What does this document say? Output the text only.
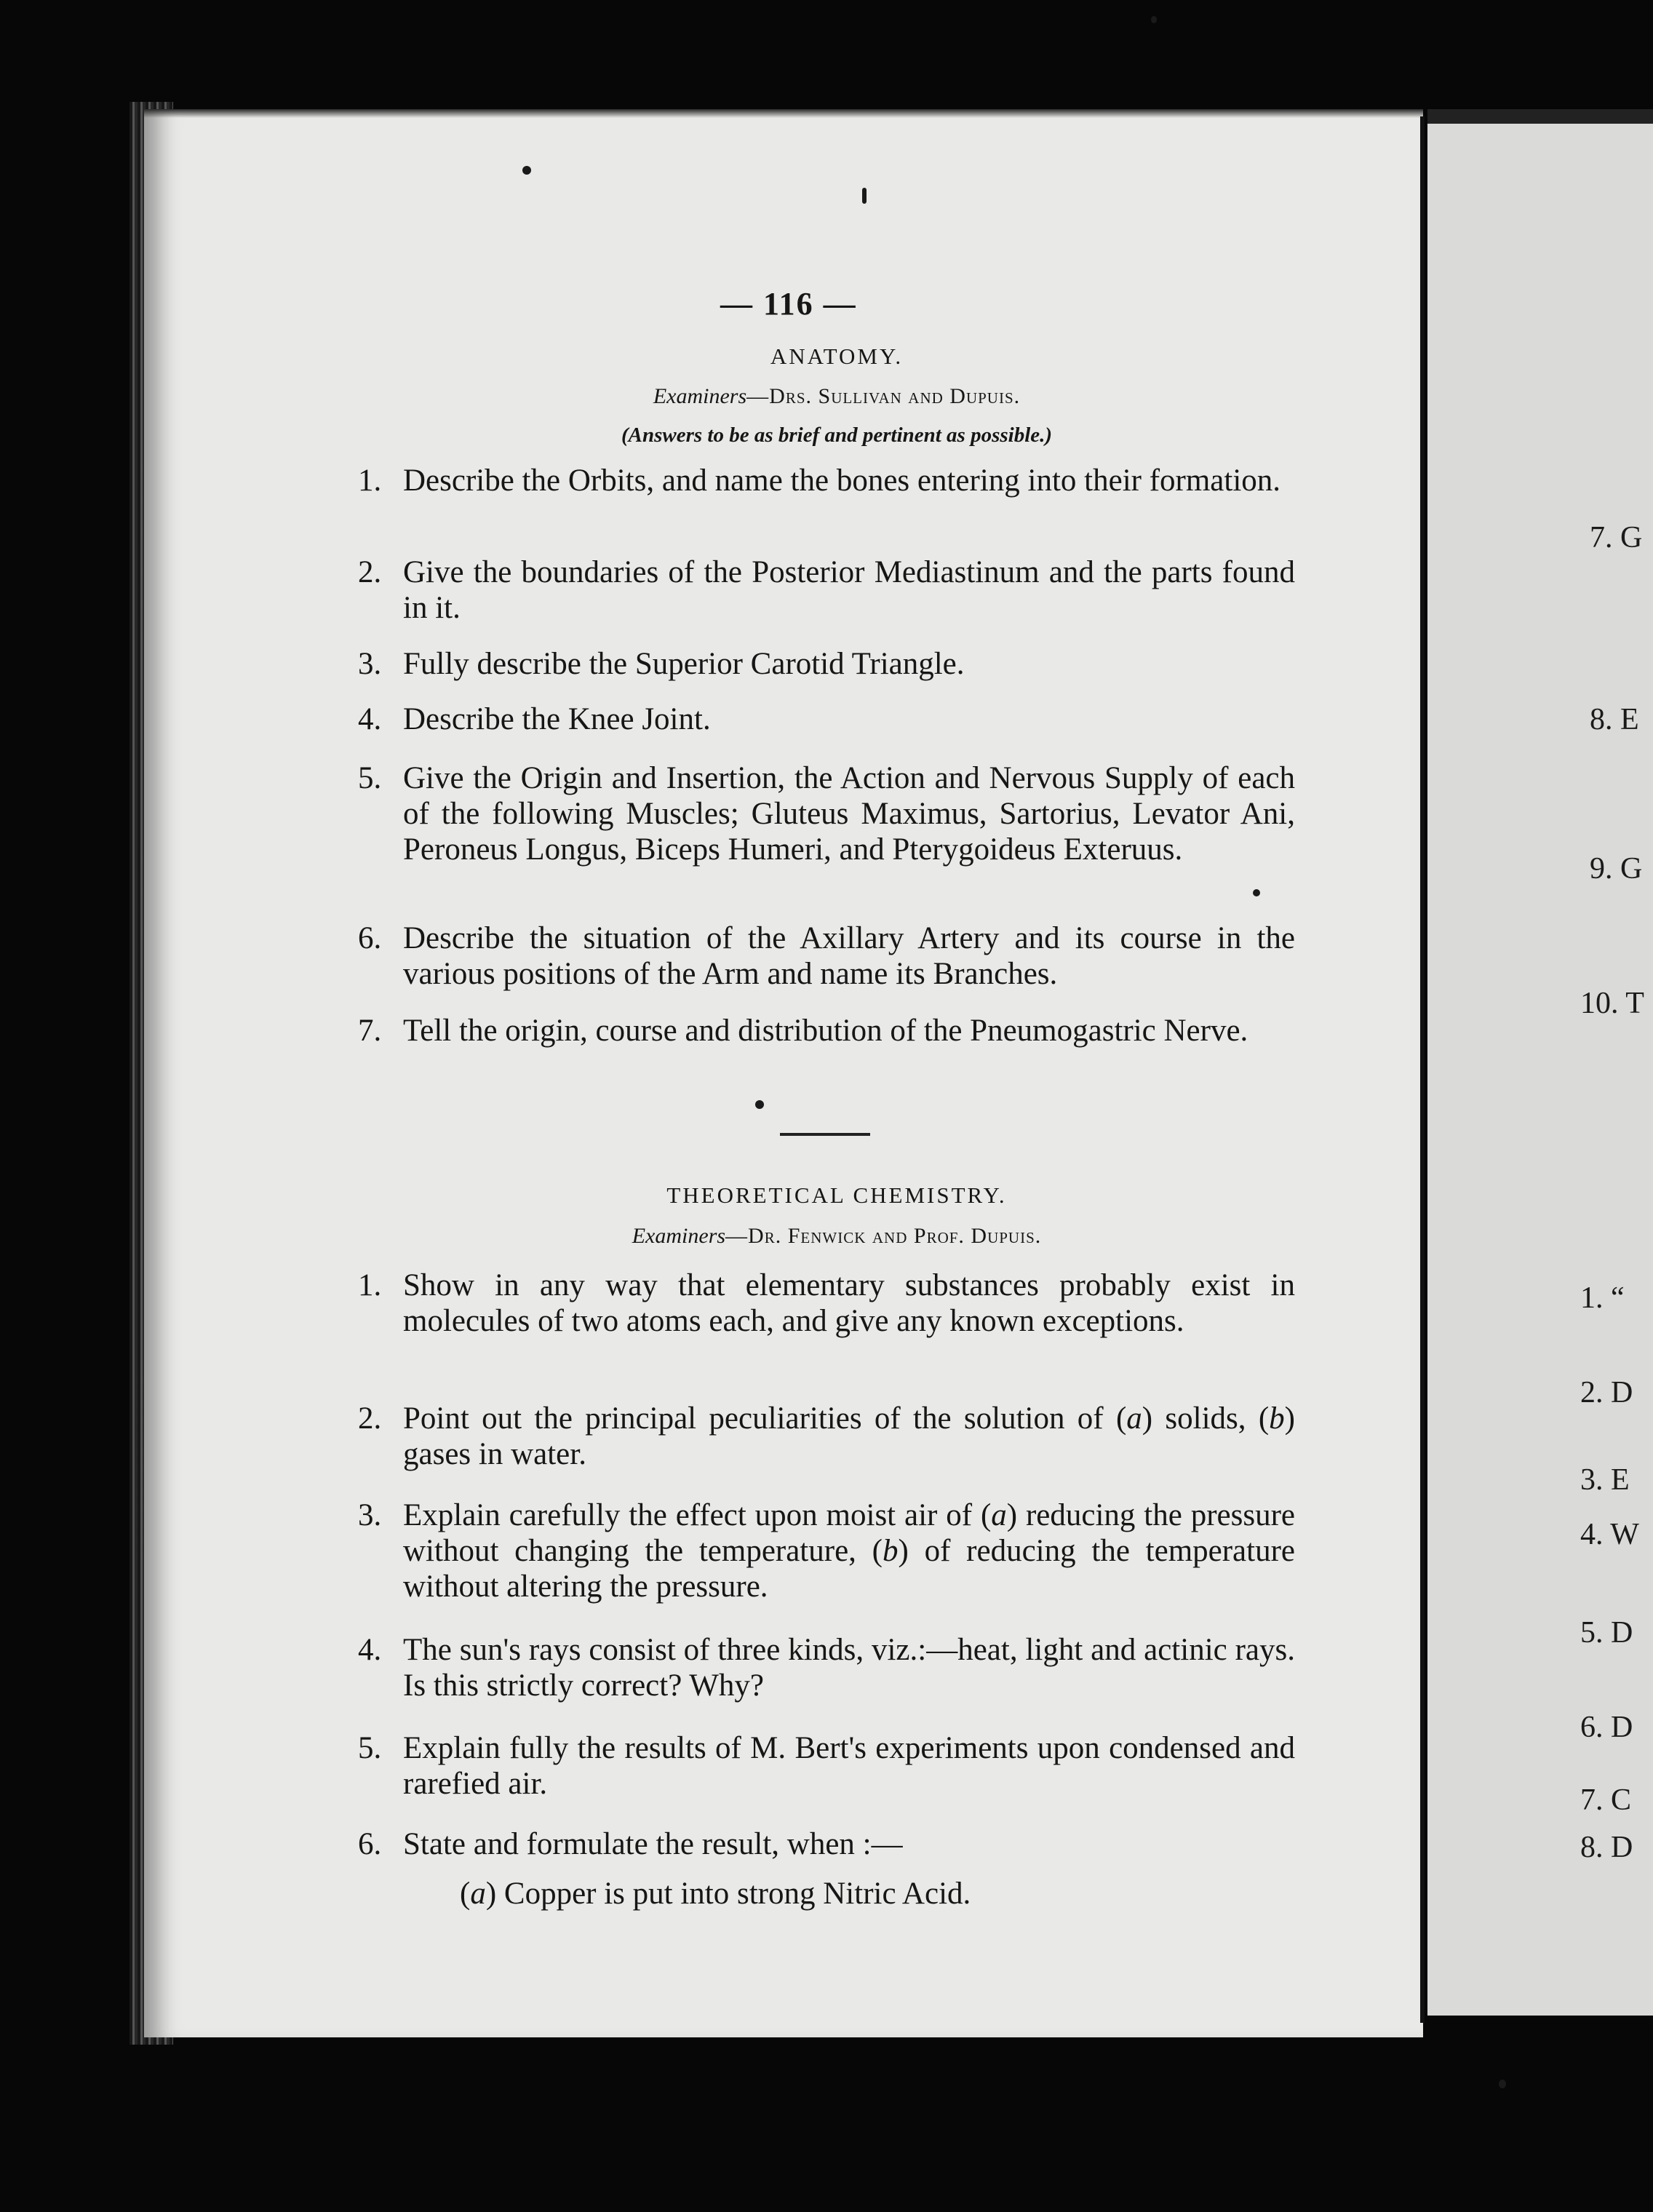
7. G
8. E
9. G
10. T
1. “
2. D
3. E
4. W
5. D
6. D
7. C
8. D
— 116 —
ANATOMY.
Examiners—Drs. Sullivan and Dupuis.
(Answers to be as brief and pertinent as possible.)
1. Describe the Orbits, and name the bones entering into their formation.
2. Give the boundaries of the Posterior Mediastinum and the parts found in it.
3. Fully describe the Superior Carotid Triangle.
4. Describe the Knee Joint.
5. Give the Origin and Insertion, the Action and Nervous Supply of each of the following Muscles; Gluteus Maximus, Sartorius, Levator Ani, Peroneus Longus, Biceps Humeri, and Pterygoideus Exteruus.
6. Describe the situation of the Axillary Artery and its course in the various positions of the Arm and name its Branches.
7. Tell the origin, course and distribution of the Pneumogastric Nerve.
THEORETICAL CHEMISTRY.
Examiners—Dr. Fenwick and Prof. Dupuis.
1. Show in any way that elementary substances probably exist in molecules of two atoms each, and give any known exceptions.
2. Point out the principal peculiarities of the solution of (a) solids, (b) gases in water.
3. Explain carefully the effect upon moist air of (a) reducing the pressure without changing the temperature, (b) of reducing the temperature without altering the pressure.
4. The sun's rays consist of three kinds, viz.:—heat, light and actinic rays. Is this strictly correct? Why?
5. Explain fully the results of M. Bert's experiments upon condensed and rarefied air.
6. State and formulate the result, when :—
(a) Copper is put into strong Nitric Acid.
